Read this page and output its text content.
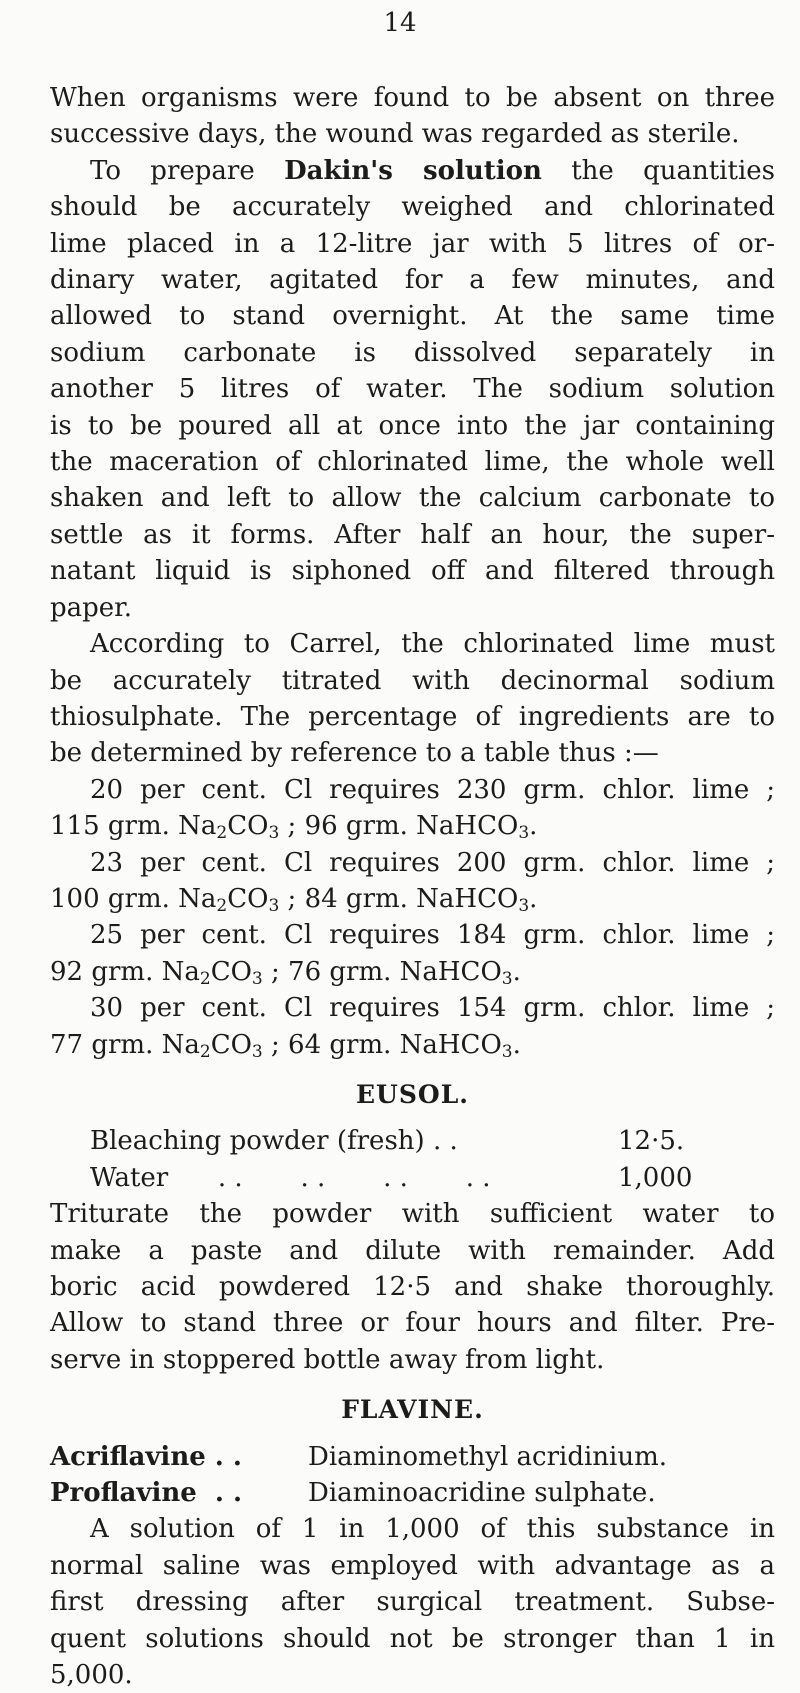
14
When organisms were found to be absent on three
successive days, the wound was regarded as sterile.
To prepare Dakin's solution the quantities
should be accurately weighed and chlorinated
lime placed in a 12-litre jar with 5 litres of or-
dinary water, agitated for a few minutes, and
allowed to stand overnight. At the same time
sodium carbonate is dissolved separately in
another 5 litres of water. The sodium solution
is to be poured all at once into the jar containing
the maceration of chlorinated lime, the whole well
shaken and left to allow the calcium carbonate to
settle as it forms. After half an hour, the super-
natant liquid is siphoned off and filtered through
paper.
According to Carrel, the chlorinated lime must
be accurately titrated with decinormal sodium
thiosulphate. The percentage of ingredients are to
be determined by reference to a table thus :—
20 per cent. Cl requires 230 grm. chlor. lime ;
115 grm. $Na_2CO_3$ ; 96 grm. NaHCO$_3$.
23 per cent. Cl requires 200 grm. chlor. lime ;
100 grm. $Na_2CO_3$ ; 84 grm. NaHCO$_3$.
25 per cent. Cl requires 184 grm. chlor. lime ;
92 grm. $Na_2CO_3$ ; 76 grm. NaHCO$_3$.
30 per cent. Cl requires 154 grm. chlor. lime ;
77 grm. $Na_2CO_3$ ; 64 grm. NaHCO$_3$.
EUSOL.
Bleaching powder (fresh) . .	12·5.
Water      . .       . .       . .       . .	1,000
Triturate the powder with sufficient water to
make a paste and dilute with remainder. Add
boric acid powdered 12·5 and shake thoroughly.
Allow to stand three or four hours and filter. Pre-
serve in stoppered bottle away from light.
FLAVINE.
Acriflavine . .	Diaminomethyl acridinium.
Proflavine  . .	Diaminoacridine sulphate.
A solution of 1 in 1,000 of this substance in
normal saline was employed with advantage as a
first dressing after surgical treatment. Subse-
quent solutions should not be stronger than 1 in
5,000.
